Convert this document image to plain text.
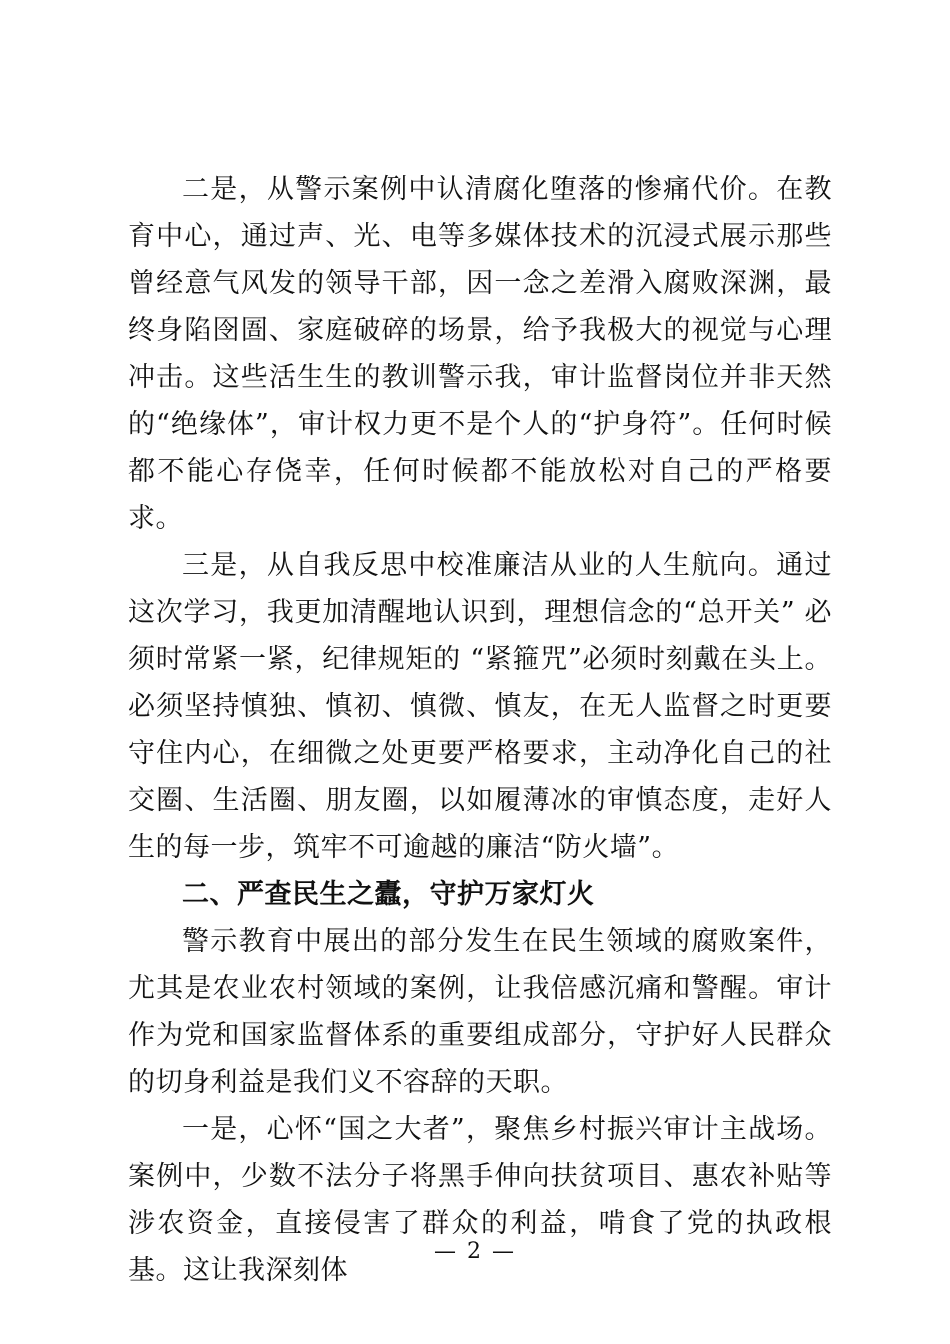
二是，从警示案例中认清腐化堕落的惨痛代价。在教育中心，通过声、光、电等多媒体技术的沉浸式展示那些曾经意气风发的领导干部，因一念之差滑入腐败深渊，最终身陷囹圄、家庭破碎的场景，给予我极大的视觉与心理冲击。这些活生生的教训警示我，审计监督岗位并非天然的“绝缘体”，审计权力更不是个人的“护身符”。任何时候都不能心存侥幸，任何时候都不能放松对自己的严格要求。

三是，从自我反思中校准廉洁从业的人生航向。通过这次学习，我更加清醒地认识到，理想信念的“总开关” 必须时常紧一紧，纪律规矩的 “紧箍咒”必须时刻戴在头上。必须坚持慎独、慎初、慎微、慎友，在无人监督之时更要守住内心，在细微之处更要严格要求，主动净化自己的社交圈、生活圈、朋友圈，以如履薄冰的审慎态度，走好人生的每一步，筑牢不可逾越的廉洁“防火墙”。

二、严查民生之蠹，守护万家灯火

警示教育中展出的部分发生在民生领域的腐败案件，尤其是农业农村领域的案例，让我倍感沉痛和警醒。审计作为党和国家监督体系的重要组成部分，守护好人民群众的切身利益是我们义不容辞的天职。

一是，心怀“国之大者”，聚焦乡村振兴审计主战场。案例中，少数不法分子将黑手伸向扶贫项目、惠农补贴等涉农资金，直接侵害了群众的利益，啃食了党的执政根基。这让我深刻体

— 2 —
